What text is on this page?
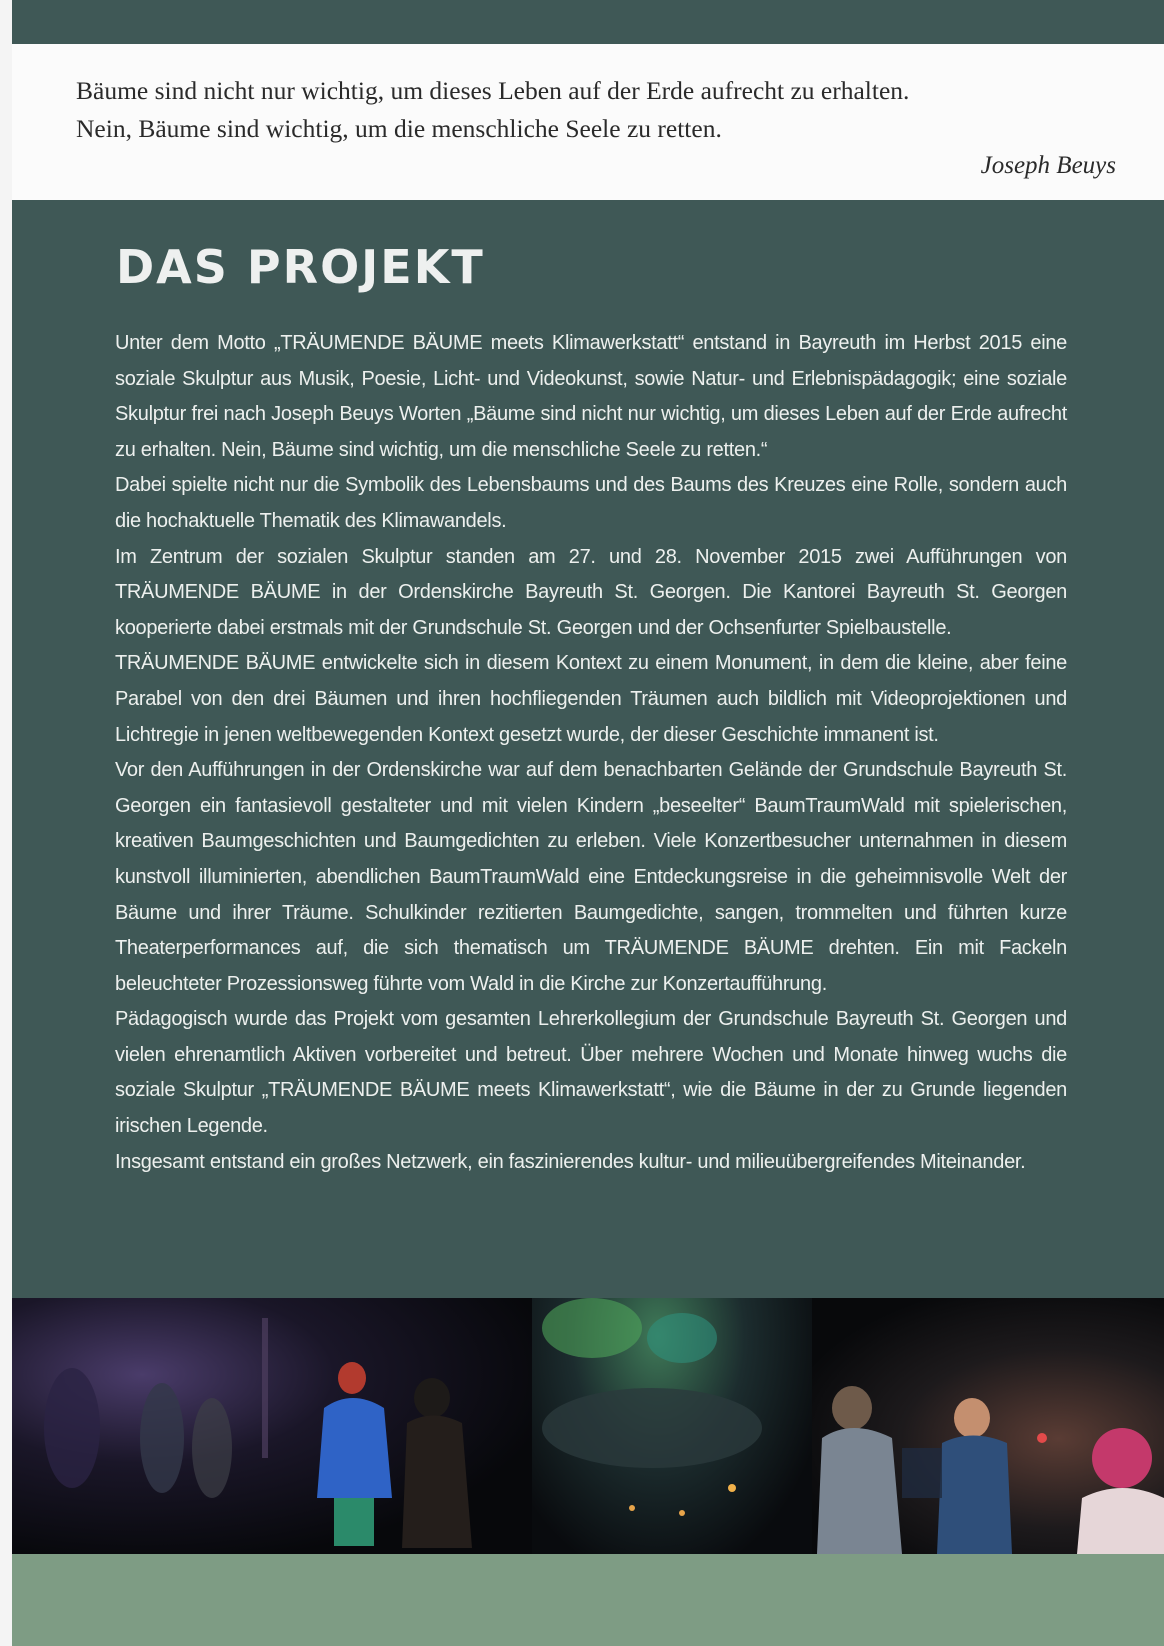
Bäume sind nicht nur wichtig, um dieses Leben auf der Erde aufrecht zu erhalten.
Nein, Bäume sind wichtig, um die menschliche Seele zu retten.
Joseph Beuys
DAS PROJEKT

Unter dem Motto „TRÄUMENDE BÄUME meets Klimawerkstatt“ entstand in Bayreuth im Herbst 2015 eine soziale Skulptur aus Musik, Poesie, Licht- und Videokunst, sowie Natur- und Erlebnispädagogik; eine soziale Skulptur frei nach Joseph Beuys Worten „Bäume sind nicht nur wichtig, um dieses Leben auf der Erde aufrecht zu erhalten. Nein, Bäume sind wichtig, um die menschliche Seele zu retten.“

Dabei spielte nicht nur die Symbolik des Lebensbaums und des Baums des Kreuzes eine Rolle, sondern auch die hochaktuelle Thematik des Klimawandels.

Im Zentrum der sozialen Skulptur standen am 27. und 28. November 2015 zwei Aufführungen von TRÄUMENDE BÄUME in der Ordenskirche Bayreuth St. Georgen. Die Kantorei Bayreuth St. Georgen kooperierte dabei erstmals mit der Grundschule St. Georgen und der Ochsenfurter Spielbaustelle.

TRÄUMENDE BÄUME entwickelte sich in diesem Kontext zu einem Monument, in dem die kleine, aber feine Parabel von den drei Bäumen und ihren hochfliegenden Träumen auch bildlich mit Videoprojektionen und Lichtregie in jenen weltbewegenden Kontext gesetzt wurde, der dieser Geschichte immanent ist.

Vor den Aufführungen in der Ordenskirche war auf dem benachbarten Gelände der Grundschule Bayreuth St. Georgen ein fantasievoll gestalteter und mit vielen Kindern „beseelter“ BaumTraumWald mit spielerischen, kreativen Baumgeschichten und Baumgedichten zu erleben. Viele Konzertbesucher unternahmen in diesem kunstvoll illuminierten, abendlichen BaumTraumWald eine Entdeckungsreise in die geheimnisvolle Welt der Bäume und ihrer Träume. Schulkinder rezitierten Baumgedichte, sangen, trommelten und führten kurze Theaterperformances auf, die sich thematisch um TRÄUMENDE BÄUME drehten. Ein mit Fackeln beleuchteter Prozessionsweg führte vom Wald in die Kirche zur Konzertaufführung.

Pädagogisch wurde das Projekt vom gesamten Lehrerkollegium der Grundschule Bayreuth St. Georgen und vielen ehrenamtlich Aktiven vorbereitet und betreut. Über mehrere Wochen und Monate hinweg wuchs die soziale Skulptur „TRÄUMENDE BÄUME meets Klimawerkstatt“, wie die Bäume in der zu Grunde liegenden irischen Legende.

Insgesamt entstand ein großes Netzwerk, ein faszinierendes kultur- und milieuübergreifendes Miteinander.
